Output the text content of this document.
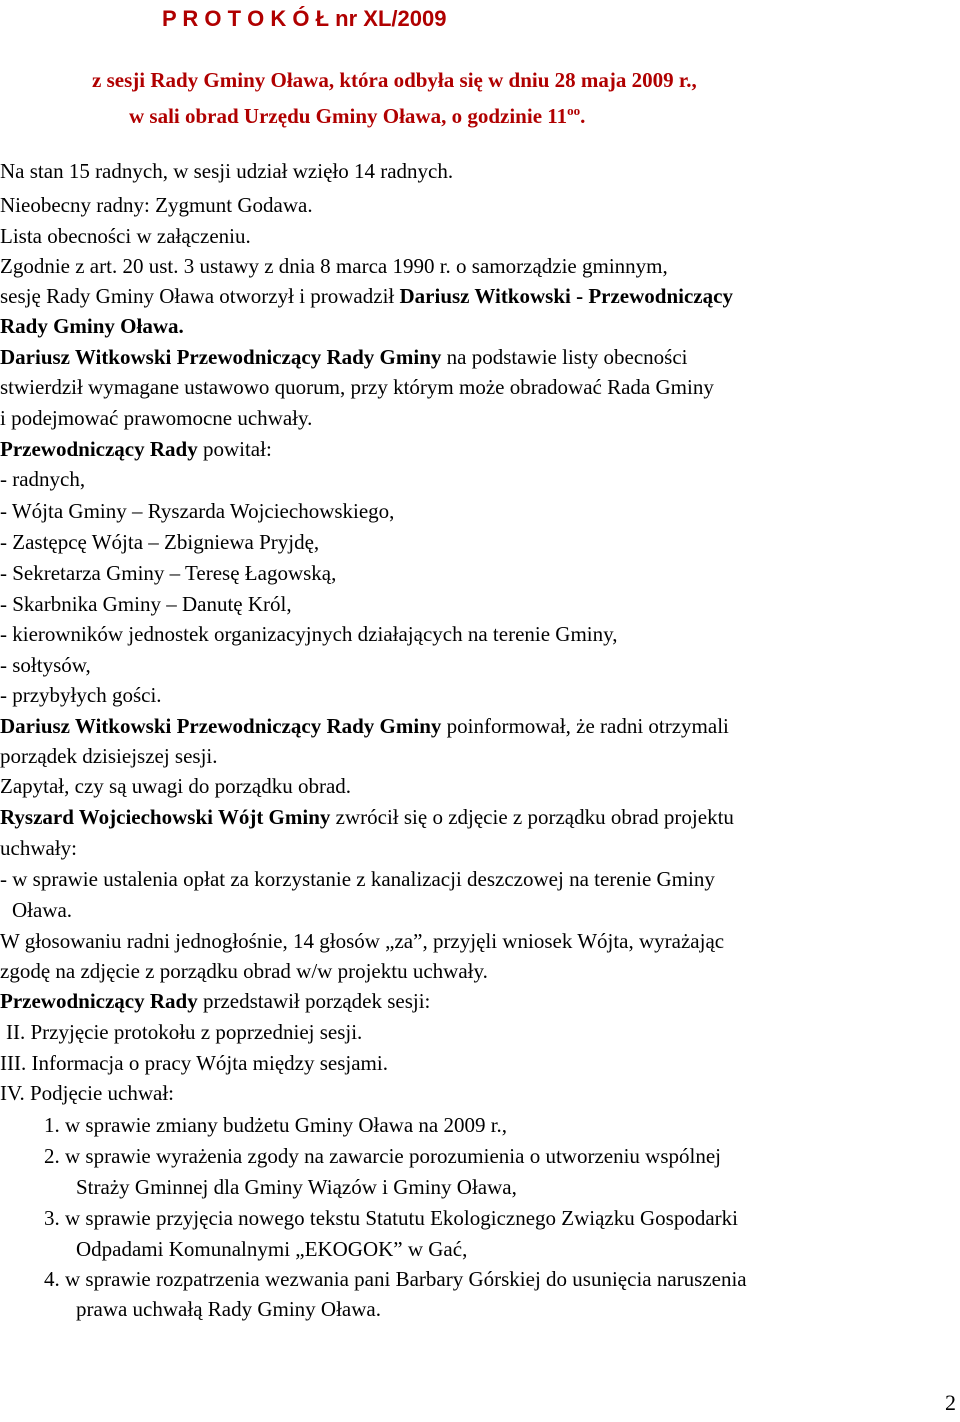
P R O T O K Ó Ł nr XL/2009
z sesji Rady Gminy Oława, która odbyła się w dniu 28 maja 2009 r.,
w sali obrad Urzędu Gminy Oława, o godzinie $11^{oo}$.
Na stan 15 radnych, w sesji udział wzięło 14 radnych.
Nieobecny radny: Zygmunt Godawa.
Lista obecności w załączeniu.
Zgodnie z art. 20 ust. 3 ustawy z dnia 8 marca 1990 r. o samorządzie gminnym,
sesję Rady Gminy Oława otworzył i prowadził Dariusz Witkowski - Przewodniczący
Rady Gminy Oława.
Dariusz Witkowski Przewodniczący Rady Gminy na podstawie listy obecności
stwierdził wymagane ustawowo quorum, przy którym może obradować Rada Gminy
i podejmować prawomocne uchwały.
Przewodniczący Rady powitał:
- radnych,
- Wójta Gminy – Ryszarda Wojciechowskiego,
- Zastępcę Wójta – Zbigniewa Pryjdę,
- Sekretarza Gminy – Teresę Łagowską,
- Skarbnika Gminy – Danutę Król,
- kierowników jednostek organizacyjnych działających na terenie Gminy,
- sołtysów,
- przybyłych gości.
Dariusz Witkowski Przewodniczący Rady Gminy poinformował, że radni otrzymali
porządek dzisiejszej sesji.
Zapytał, czy są uwagi do porządku obrad.
Ryszard Wojciechowski Wójt Gminy zwrócił się o zdjęcie z porządku obrad projektu
uchwały:
- w sprawie ustalenia opłat za korzystanie z kanalizacji deszczowej na terenie Gminy
Oława.
W głosowaniu radni jednogłośnie, 14 głosów „za”, przyjęli wniosek Wójta, wyrażając
zgodę na zdjęcie z porządku obrad w/w projektu uchwały.
Przewodniczący Rady przedstawił porządek sesji:
II. Przyjęcie protokołu z poprzedniej sesji.
III. Informacja o pracy Wójta między sesjami.
IV. Podjęcie uchwał:
1. w sprawie zmiany budżetu Gminy Oława na 2009 r.,
2. w sprawie wyrażenia zgody na zawarcie porozumienia o utworzeniu wspólnej
Straży Gminnej dla Gminy Wiązów i Gminy Oława,
3. w sprawie przyjęcia nowego tekstu Statutu Ekologicznego Związku Gospodarki
Odpadami Komunalnymi „EKOGOK” w Gać,
4. w sprawie rozpatrzenia wezwania pani Barbary Górskiej do usunięcia naruszenia
prawa uchwałą Rady Gminy Oława.
2
